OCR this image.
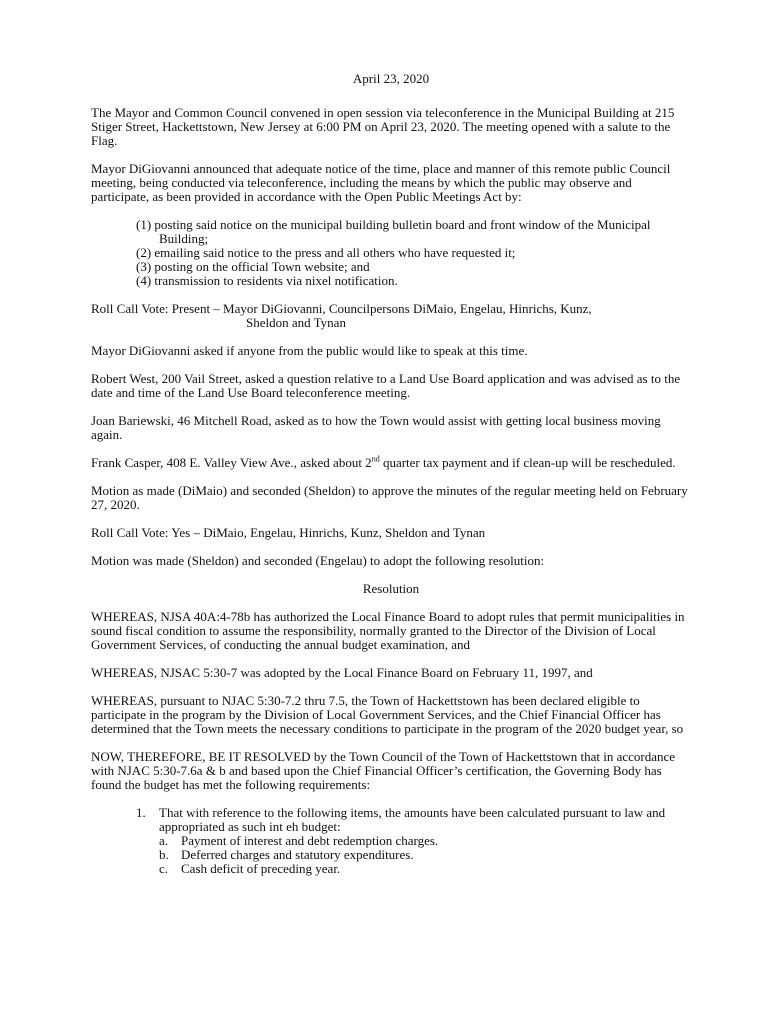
April 23, 2020

The Mayor and Common Council convened in open session via teleconference in the Municipal Building at 215 Stiger Street, Hackettstown, New Jersey at 6:00 PM on April 23, 2020. The meeting opened with a salute to the Flag.

Mayor DiGiovanni announced that adequate notice of the time, place and manner of this remote public Council meeting, being conducted via teleconference, including the means by which the public may observe and participate, as been provided in accordance with the Open Public Meetings Act by:

(1) posting said notice on the municipal building bulletin board and front window of the Municipal Building;
(2) emailing said notice to the press and all others who have requested it;
(3) posting on the official Town website; and
(4) transmission to residents via nixel notification.

Roll Call Vote: Present – Mayor DiGiovanni, Councilpersons DiMaio, Engelau, Hinrichs, Kunz,
Sheldon and Tynan

Mayor DiGiovanni asked if anyone from the public would like to speak at this time.

Robert West, 200 Vail Street, asked a question relative to a Land Use Board application and was advised as to the date and time of the Land Use Board teleconference meeting.

Joan Bariewski, 46 Mitchell Road, asked as to how the Town would assist with getting local business moving again.

Frank Casper, 408 E. Valley View Ave., asked about 2nd quarter tax payment and if clean-up will be rescheduled.

Motion as made (DiMaio) and seconded (Sheldon) to approve the minutes of the regular meeting held on February 27, 2020.

Roll Call Vote: Yes – DiMaio, Engelau, Hinrichs, Kunz, Sheldon and Tynan

Motion was made (Sheldon) and seconded (Engelau) to adopt the following resolution:

Resolution

WHEREAS, NJSA 40A:4-78b has authorized the Local Finance Board to adopt rules that permit municipalities in sound fiscal condition to assume the responsibility, normally granted to the Director of the Division of Local Government Services, of conducting the annual budget examination, and

WHEREAS, NJSAC 5:30-7 was adopted by the Local Finance Board on February 11, 1997, and

WHEREAS, pursuant to NJAC 5:30-7.2 thru 7.5, the Town of Hackettstown has been declared eligible to participate in the program by the Division of Local Government Services, and the Chief Financial Officer has determined that the Town meets the necessary conditions to participate in the program of the 2020 budget year, so

NOW, THEREFORE, BE IT RESOLVED by the Town Council of the Town of Hackettstown that in accordance with NJAC 5:30-7.6a & b and based upon the Chief Financial Officer’s certification, the Governing Body has found the budget has met the following requirements:

1. That with reference to the following items, the amounts have been calculated pursuant to law and appropriated as such int eh budget:
a. Payment of interest and debt redemption charges.
b. Deferred charges and statutory expenditures.
c. Cash deficit of preceding year.
